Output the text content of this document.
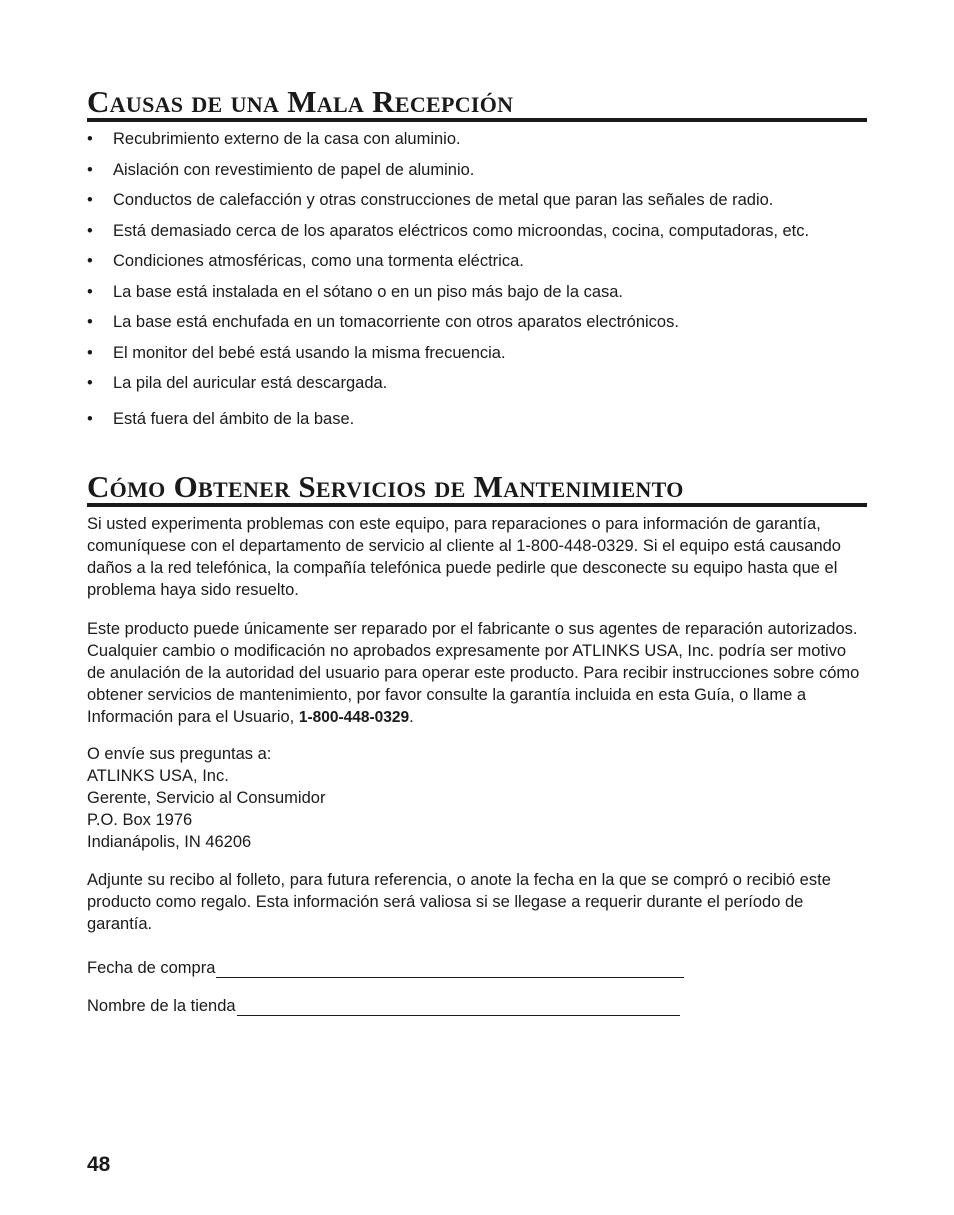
Causas de una Mala Recepción
• Recubrimiento externo de la casa con aluminio.
• Aislación con revestimiento de papel de aluminio.
• Conductos de calefacción y otras construcciones de metal que paran las señales de radio.
• Está demasiado cerca de los aparatos eléctricos como microondas, cocina, computadoras, etc.
• Condiciones atmosféricas, como una tormenta eléctrica.
• La base está instalada en el sótano o en un piso más bajo de la casa.
• La base está enchufada en un tomacorriente con otros aparatos electrónicos.
• El monitor del bebé está usando la misma frecuencia.
• La pila del auricular está descargada.
• Está fuera del ámbito de la base.
Cómo Obtener Servicios de Mantenimiento

Si usted experimenta problemas con este equipo, para reparaciones o para información de garantía, comuníquese con el departamento de servicio al cliente al 1-800-448-0329. Si el equipo está causando daños a la red telefónica, la compañía telefónica puede pedirle que desconecte su equipo hasta que el problema haya sido resuelto.

Este producto puede únicamente ser reparado por el fabricante o sus agentes de reparación autorizados. Cualquier cambio o modificación no aprobados expresamente por ATLINKS USA, Inc. podría ser motivo de anulación de la autoridad del usuario para operar este producto. Para recibir instrucciones sobre cómo obtener servicios de mantenimiento, por favor consulte la garantía incluida en esta Guía, o llame a Información para el Usuario, 1-800-448-0329.

O envíe sus preguntas a:
ATLINKS USA, Inc.
Gerente, Servicio al Consumidor
P.O. Box 1976
Indianápolis, IN 46206

Adjunte su recibo al folleto, para futura referencia, o anote la fecha en la que se compró o recibió este producto como regalo. Esta información será valiosa si se llegase a requerir durante el período de garantía.

Fecha de compra
Nombre de la tienda
48
